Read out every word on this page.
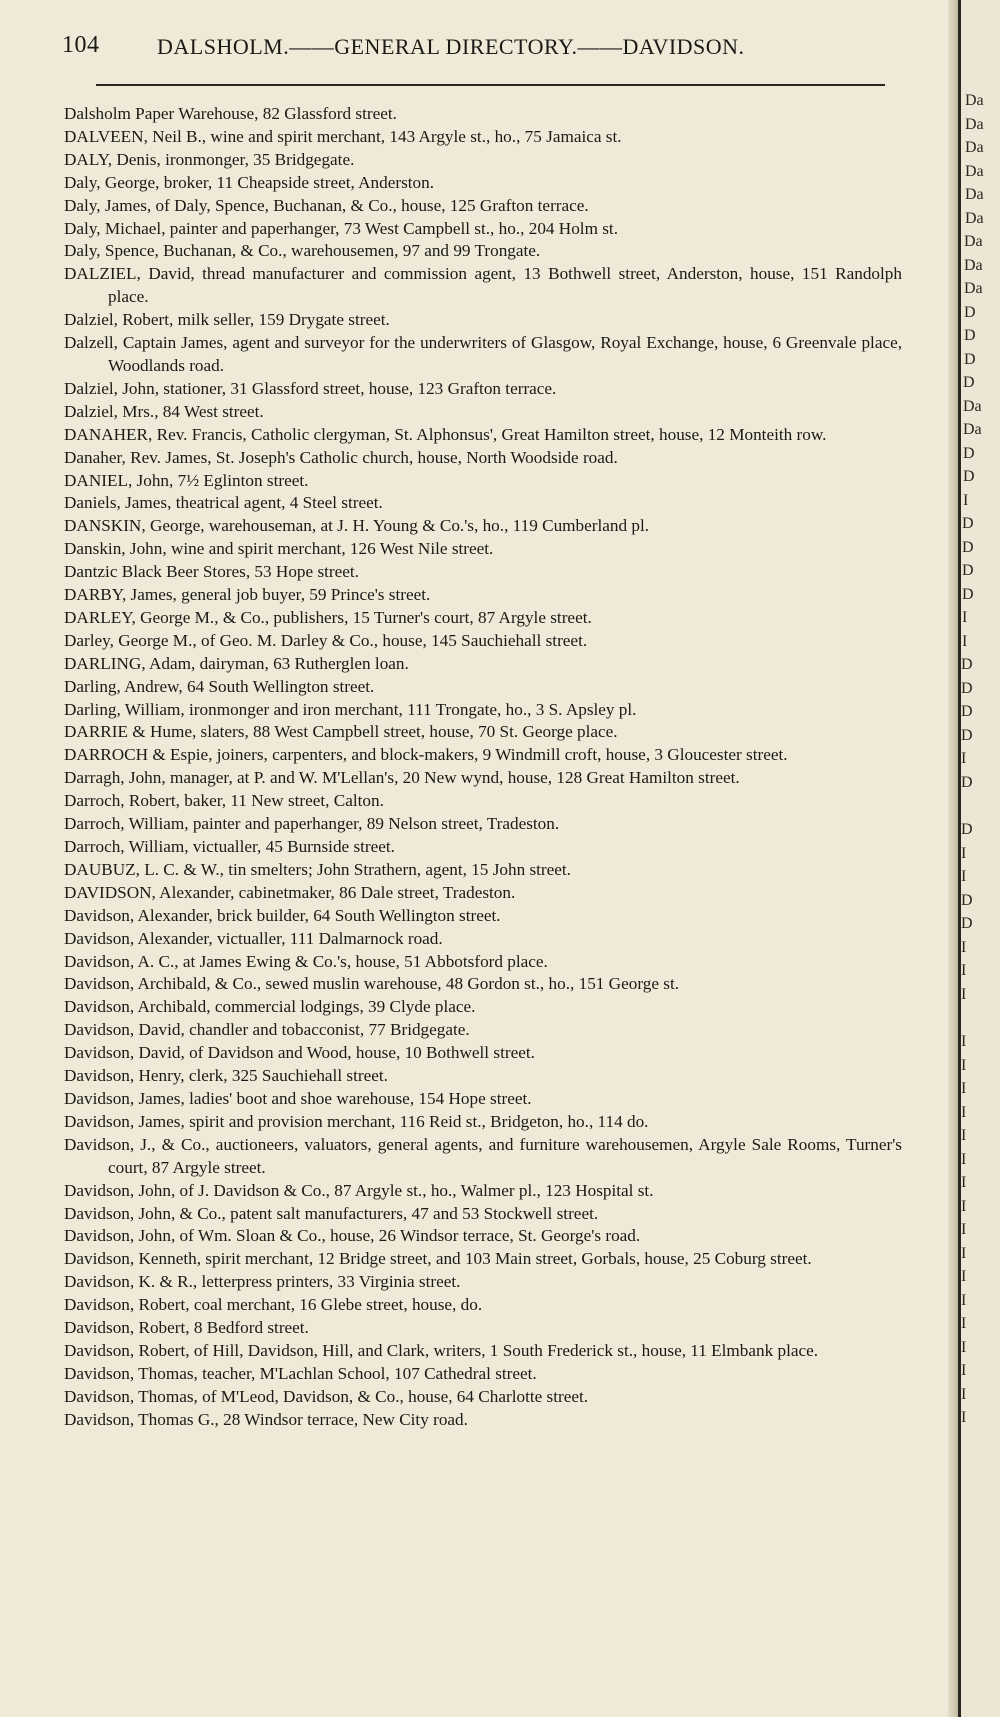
104	DALSHOLM.——GENERAL DIRECTORY.——DAVIDSON.
Dalsholm Paper Warehouse, 82 Glassford street.
DALVEEN, Neil B., wine and spirit merchant, 143 Argyle st., ho., 75 Jamaica st.
DALY, Denis, ironmonger, 35 Bridgegate.
Daly, George, broker, 11 Cheapside street, Anderston.
Daly, James, of Daly, Spence, Buchanan, & Co., house, 125 Grafton terrace.
Daly, Michael, painter and paperhanger, 73 West Campbell st., ho., 204 Holm st.
Daly, Spence, Buchanan, & Co., warehousemen, 97 and 99 Trongate.
DALZIEL, David, thread manufacturer and commission agent, 13 Bothwell street, Anderston, house, 151 Randolph place.
Dalziel, Robert, milk seller, 159 Drygate street.
Dalzell, Captain James, agent and surveyor for the underwriters of Glasgow, Royal Exchange, house, 6 Greenvale place, Woodlands road.
Dalziel, John, stationer, 31 Glassford street, house, 123 Grafton terrace.
Dalziel, Mrs., 84 West street.
DANAHER, Rev. Francis, Catholic clergyman, St. Alphonsus', Great Hamilton street, house, 12 Monteith row.
Danaher, Rev. James, St. Joseph's Catholic church, house, North Woodside road.
DANIEL, John, 7½ Eglinton street.
Daniels, James, theatrical agent, 4 Steel street.
DANSKIN, George, warehouseman, at J. H. Young & Co.'s, ho., 119 Cumberland pl.
Danskin, John, wine and spirit merchant, 126 West Nile street.
Dantzic Black Beer Stores, 53 Hope street.
DARBY, James, general job buyer, 59 Prince's street.
DARLEY, George M., & Co., publishers, 15 Turner's court, 87 Argyle street.
Darley, George M., of Geo. M. Darley & Co., house, 145 Sauchiehall street.
DARLING, Adam, dairyman, 63 Rutherglen loan.
Darling, Andrew, 64 South Wellington street.
Darling, William, ironmonger and iron merchant, 111 Trongate, ho., 3 S. Apsley pl.
DARRIE & Hume, slaters, 88 West Campbell street, house, 70 St. George place.
DARROCH & Espie, joiners, carpenters, and block-makers, 9 Windmill croft, house, 3 Gloucester street.
Darragh, John, manager, at P. and W. M'Lellan's, 20 New wynd, house, 128 Great Hamilton street.
Darroch, Robert, baker, 11 New street, Calton.
Darroch, William, painter and paperhanger, 89 Nelson street, Tradeston.
Darroch, William, victualler, 45 Burnside street.
DAUBUZ, L. C. & W., tin smelters; John Strathern, agent, 15 John street.
DAVIDSON, Alexander, cabinetmaker, 86 Dale street, Tradeston.
Davidson, Alexander, brick builder, 64 South Wellington street.
Davidson, Alexander, victualler, 111 Dalmarnock road.
Davidson, A. C., at James Ewing & Co.'s, house, 51 Abbotsford place.
Davidson, Archibald, & Co., sewed muslin warehouse, 48 Gordon st., ho., 151 George st.
Davidson, Archibald, commercial lodgings, 39 Clyde place.
Davidson, David, chandler and tobacconist, 77 Bridgegate.
Davidson, David, of Davidson and Wood, house, 10 Bothwell street.
Davidson, Henry, clerk, 325 Sauchiehall street.
Davidson, James, ladies' boot and shoe warehouse, 154 Hope street.
Davidson, James, spirit and provision merchant, 116 Reid st., Bridgeton, ho., 114 do.
Davidson, J., & Co., auctioneers, valuators, general agents, and furniture warehousemen, Argyle Sale Rooms, Turner's court, 87 Argyle street.
Davidson, John, of J. Davidson & Co., 87 Argyle st., ho., Walmer pl., 123 Hospital st.
Davidson, John, & Co., patent salt manufacturers, 47 and 53 Stockwell street.
Davidson, John, of Wm. Sloan & Co., house, 26 Windsor terrace, St. George's road.
Davidson, Kenneth, spirit merchant, 12 Bridge street, and 103 Main street, Gorbals, house, 25 Coburg street.
Davidson, K. & R., letterpress printers, 33 Virginia street.
Davidson, Robert, coal merchant, 16 Glebe street, house, do.
Davidson, Robert, 8 Bedford street.
Davidson, Robert, of Hill, Davidson, Hill, and Clark, writers, 1 South Frederick st., house, 11 Elmbank place.
Davidson, Thomas, teacher, M'Lachlan School, 107 Cathedral street.
Davidson, Thomas, of M'Leod, Davidson, & Co., house, 64 Charlotte street.
Davidson, Thomas G., 28 Windsor terrace, New City road.
Da
Da
Da
Da
Da
Da
Da
Da
Da
D
D
D
D
Da
Da
D
D
I
D
D
D
D
I
I
D
D
D
D
I
D
D
I
I
D
D
I
I
I
I
I
I
I
I
I
I
I
I
I
I
I
I
I
I
I
I
